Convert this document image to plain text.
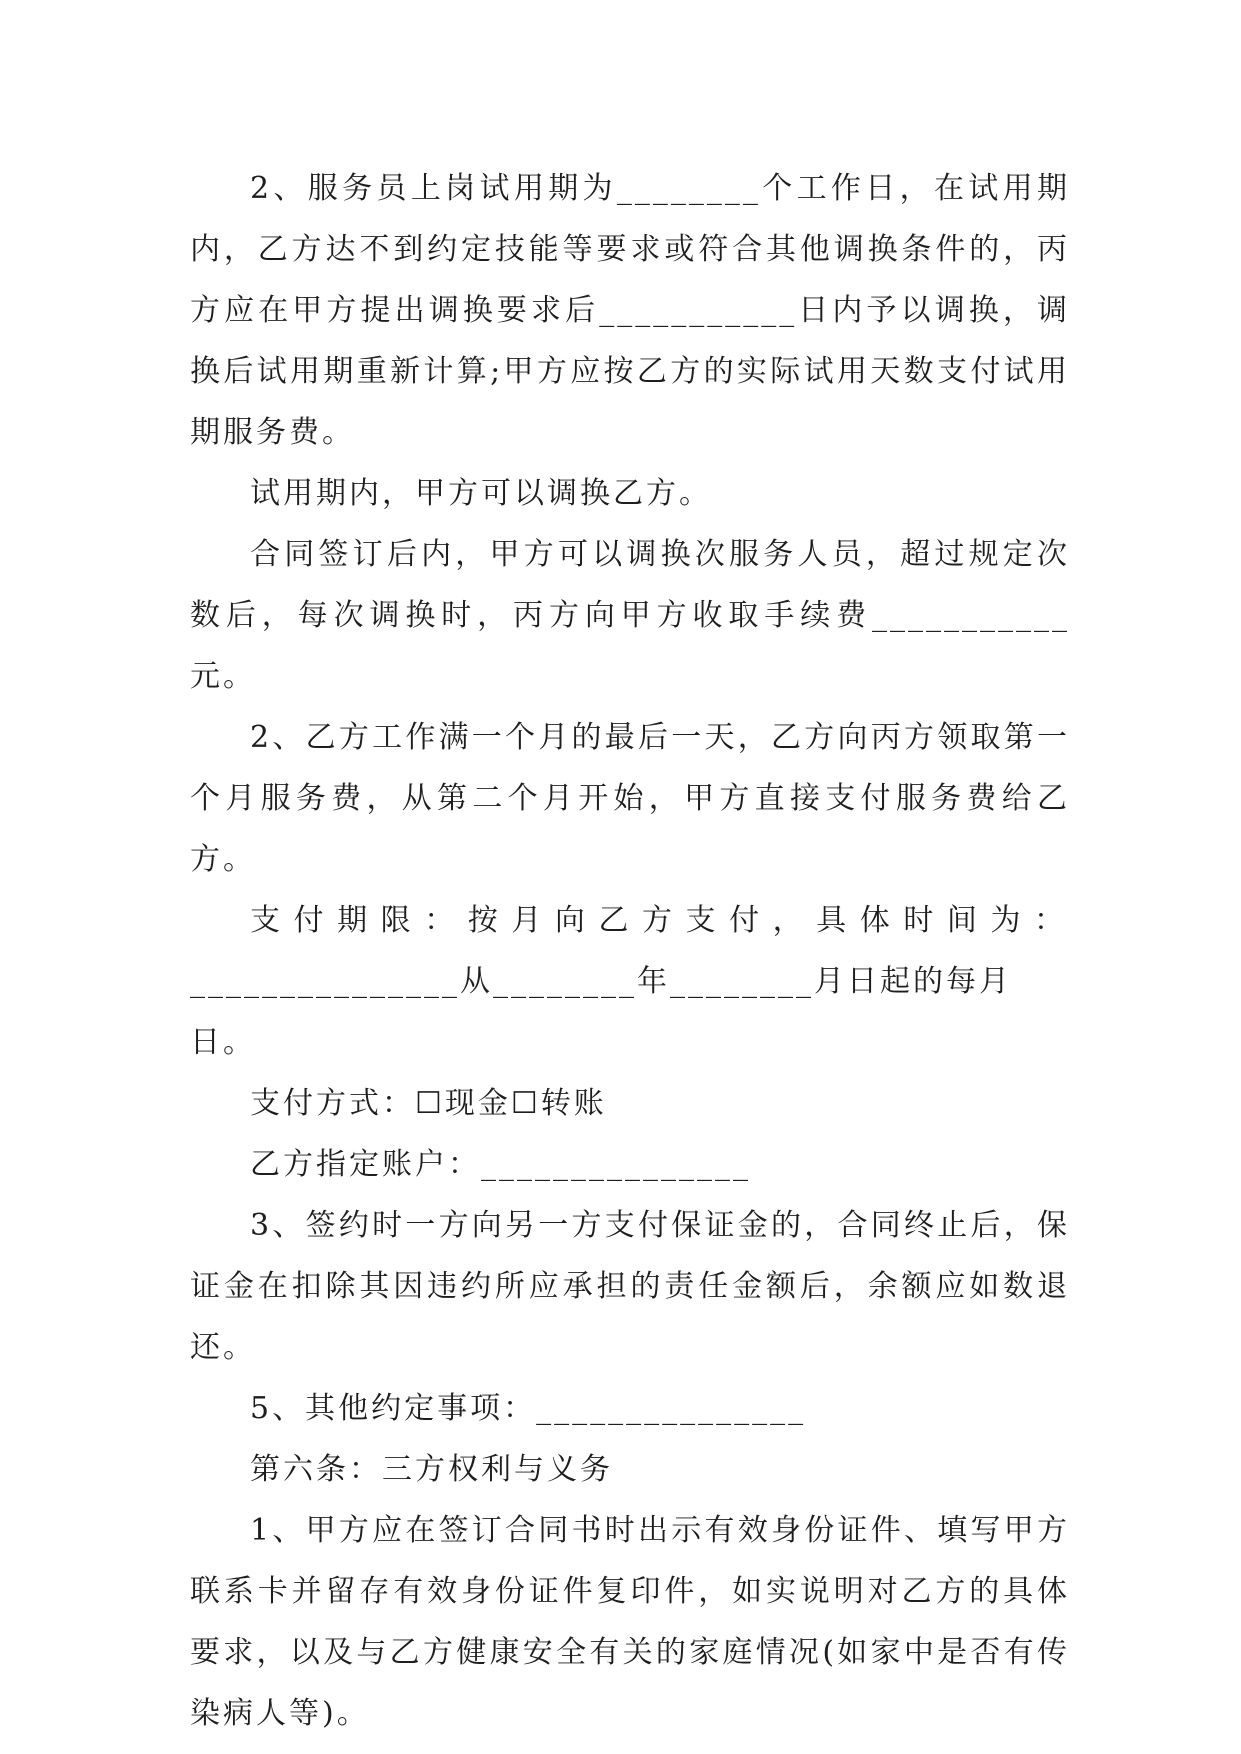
2、服务员上岗试用期为________个工作日，在试用期内，乙方达不到约定技能等要求或符合其他调换条件的，丙方应在甲方提出调换要求后___________日内予以调换，调换后试用期重新计算;甲方应按乙方的实际试用天数支付试用期服务费。

试用期内，甲方可以调换乙方。

合同签订后内，甲方可以调换次服务人员，超过规定次数后，每次调换时，丙方向甲方收取手续费___________元。

2、乙方工作满一个月的最后一天，乙方向丙方领取第一个月服务费，从第二个月开始，甲方直接支付服务费给乙方。

支付期限：按月向乙方支付，具体时间为：

_______________从________年________月日起的每月日。

支付方式：☐现金☐转账

乙方指定账户：_______________

3、签约时一方向另一方支付保证金的，合同终止后，保证金在扣除其因违约所应承担的责任金额后，余额应如数退还。

5、其他约定事项：_______________

第六条：三方权利与义务

1、甲方应在签订合同书时出示有效身份证件、填写甲方联系卡并留存有效身份证件复印件，如实说明对乙方的具体要求，以及与乙方健康安全有关的家庭情况(如家中是否有传染病人等)。
